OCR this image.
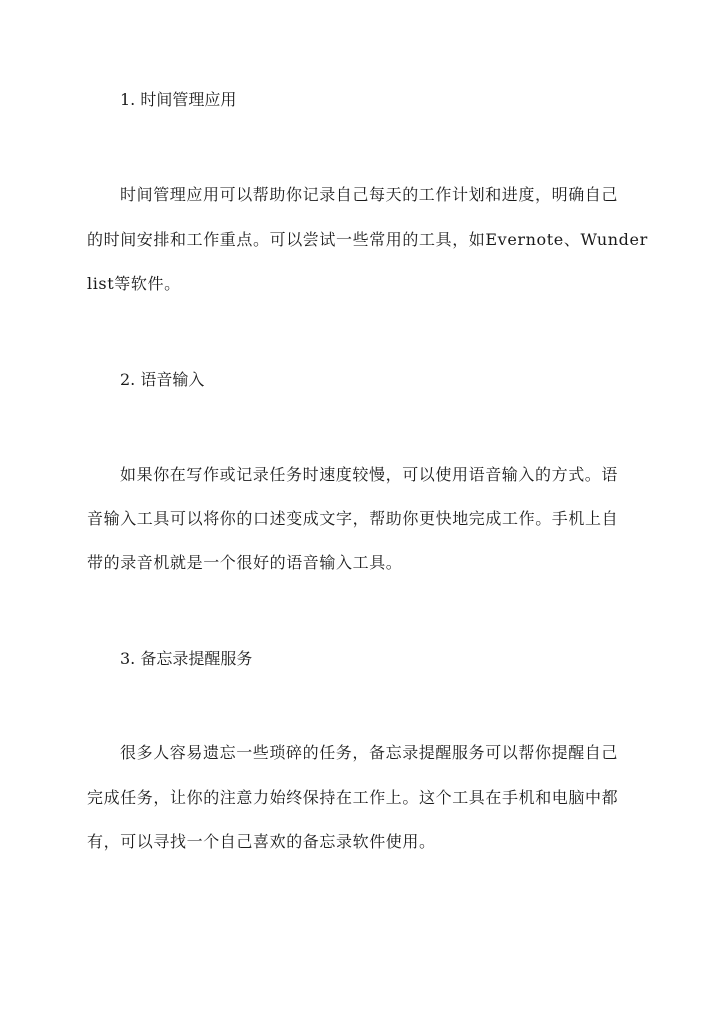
1. 时间管理应用
时间管理应用可以帮助你记录自己每天的工作计划和进度，明确自己
的时间安排和工作重点。可以尝试一些常用的工具，如Evernote、Wunder
list等软件。
2. 语音输入
如果你在写作或记录任务时速度较慢，可以使用语音输入的方式。语
音输入工具可以将你的口述变成文字，帮助你更快地完成工作。手机上自
带的录音机就是一个很好的语音输入工具。
3. 备忘录提醒服务
很多人容易遗忘一些琐碎的任务，备忘录提醒服务可以帮你提醒自己
完成任务，让你的注意力始终保持在工作上。这个工具在手机和电脑中都
有，可以寻找一个自己喜欢的备忘录软件使用。
